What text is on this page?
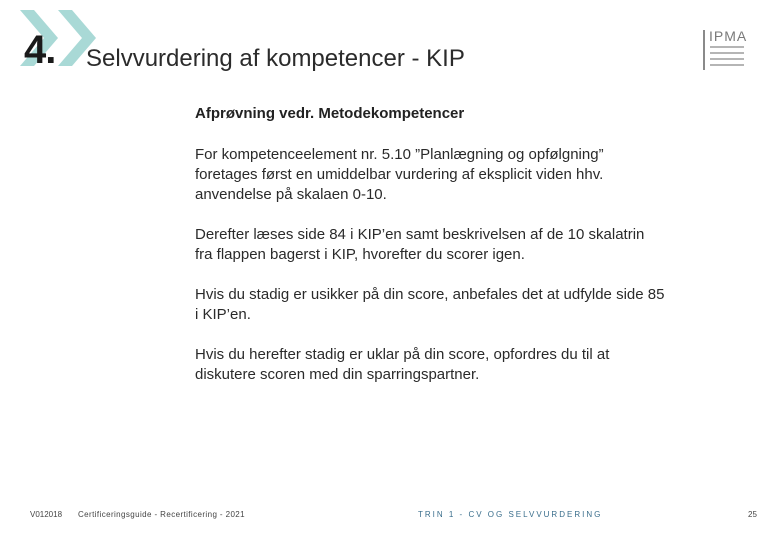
4. Selvvurdering af kompetencer - KIP
IPMA
Afprøvning vedr. Metodekompetencer

For kompetenceelement nr. 5.10 ”Planlægning og opfølgning” foretages først en umiddelbar vurdering af eksplicit viden hhv. anvendelse på skalaen 0-10.

Derefter læses side 84 i KIP’en samt beskrivelsen af de 10 skalatrin fra flappen bagerst i KIP, hvorefter du scorer igen.

Hvis du stadig er usikker på din score, anbefales det at udfylde side 85 i KIP’en.

Hvis du herefter stadig er uklar på din score, opfordres du til at diskutere scoren med din sparringspartner.

V012018 Certificeringsguide - Recertificering - 2021	TRIN 1 - CV OG SELVVURDERING	25
